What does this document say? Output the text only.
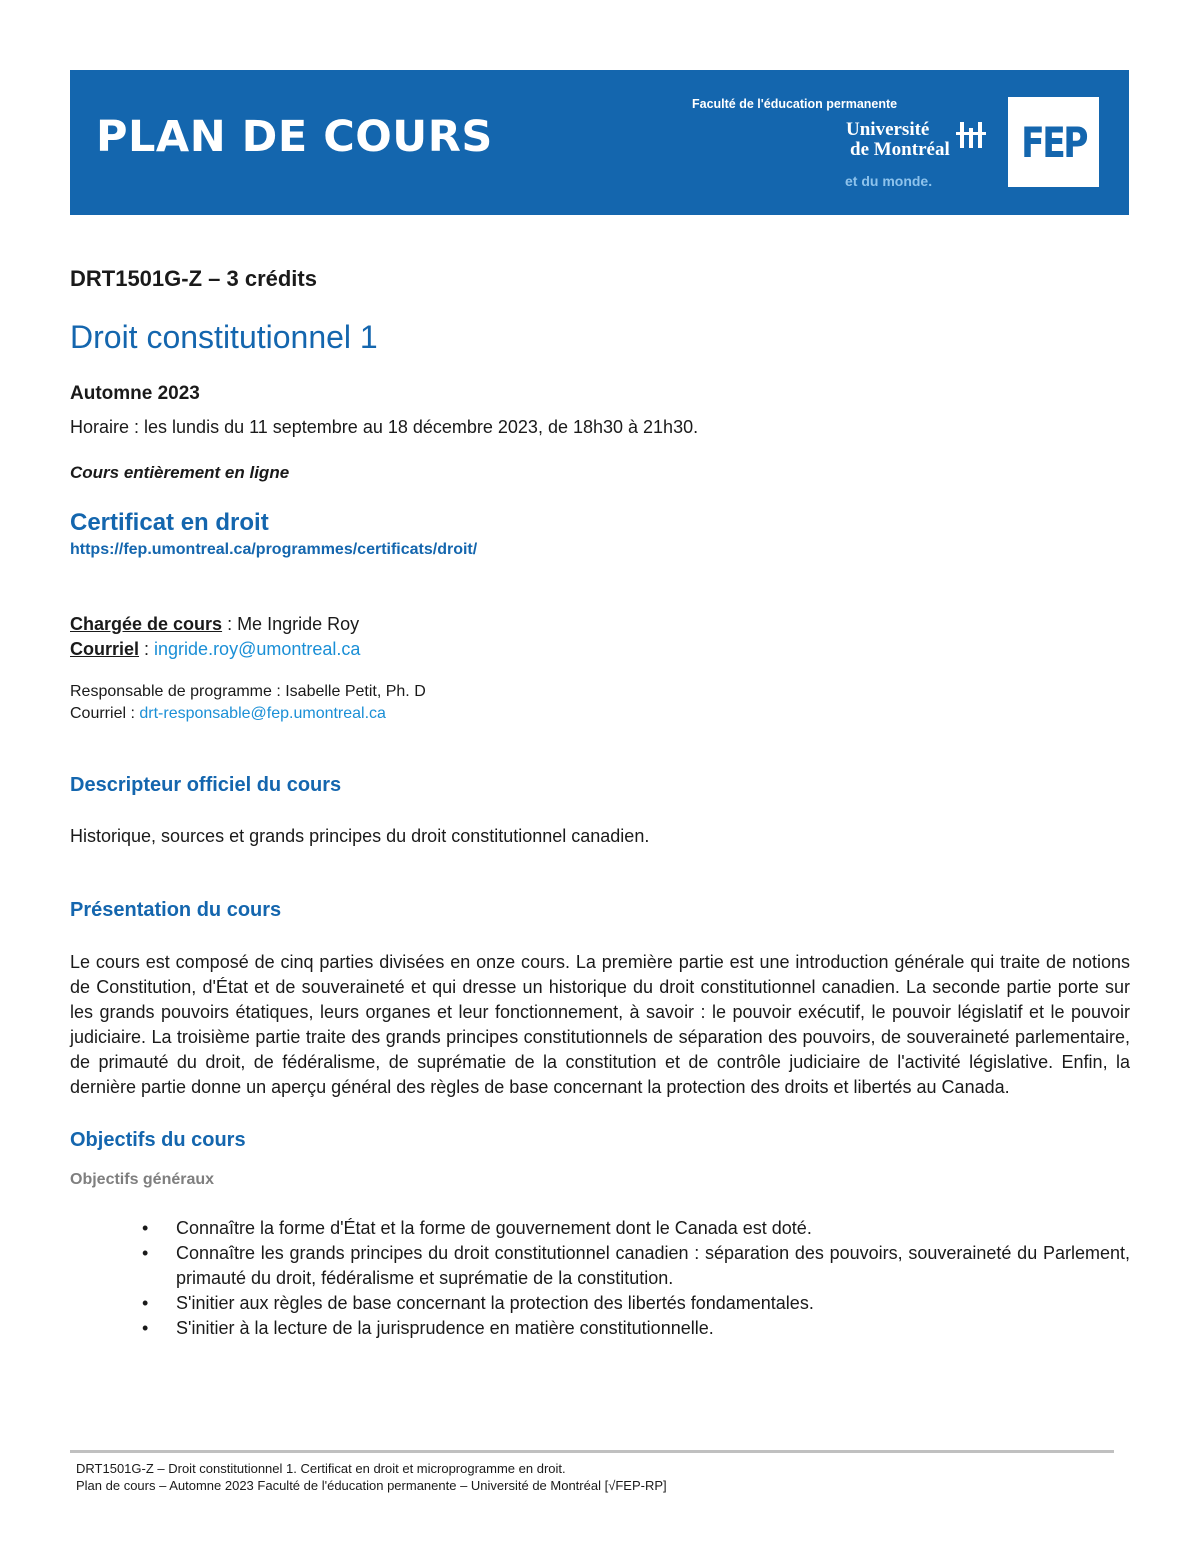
PLAN DE COURS
Faculté de l'éducation permanente
Université
de Montréal
et du monde.
FEP

DRT1501G-Z – 3 crédits

Droit constitutionnel 1

Automne 2023

Horaire : les lundis du 11 septembre au 18 décembre 2023, de 18h30 à 21h30.

Cours entièrement en ligne

Certificat en droit
https://fep.umontreal.ca/programmes/certificats/droit/
Chargée de cours : Me Ingride Roy
Courriel : ingride.roy@umontreal.ca
Responsable de programme : Isabelle Petit, Ph. D
Courriel : drt-responsable@fep.umontreal.ca
Descripteur officiel du cours

Historique, sources et grands principes du droit constitutionnel canadien.

Présentation du cours

Le cours est composé de cinq parties divisées en onze cours. La première partie est une introduction générale qui traite de notions de Constitution, d'État et de souveraineté et qui dresse un historique du droit constitutionnel canadien. La seconde partie porte sur les grands pouvoirs étatiques, leurs organes et leur fonctionnement, à savoir : le pouvoir exécutif, le pouvoir législatif et le pouvoir judiciaire. La troisième partie traite des grands principes constitutionnels de séparation des pouvoirs, de souveraineté parlementaire, de primauté du droit, de fédéralisme, de suprématie de la constitution et de contrôle judiciaire de l'activité législative. Enfin, la dernière partie donne un aperçu général des règles de base concernant la protection des droits et libertés au Canada.

Objectifs du cours

Objectifs généraux

• Connaître la forme d'État et la forme de gouvernement dont le Canada est doté.
• Connaître les grands principes du droit constitutionnel canadien : séparation des pouvoirs, souveraineté du Parlement, primauté du droit, fédéralisme et suprématie de la constitution.
• S'initier aux règles de base concernant la protection des libertés fondamentales.
• S'initier à la lecture de la jurisprudence en matière constitutionnelle.
DRT1501G-Z – Droit constitutionnel 1. Certificat en droit et microprogramme en droit.
Plan de cours – Automne 2023 Faculté de l'éducation permanente – Université de Montréal [√FEP-RP]
